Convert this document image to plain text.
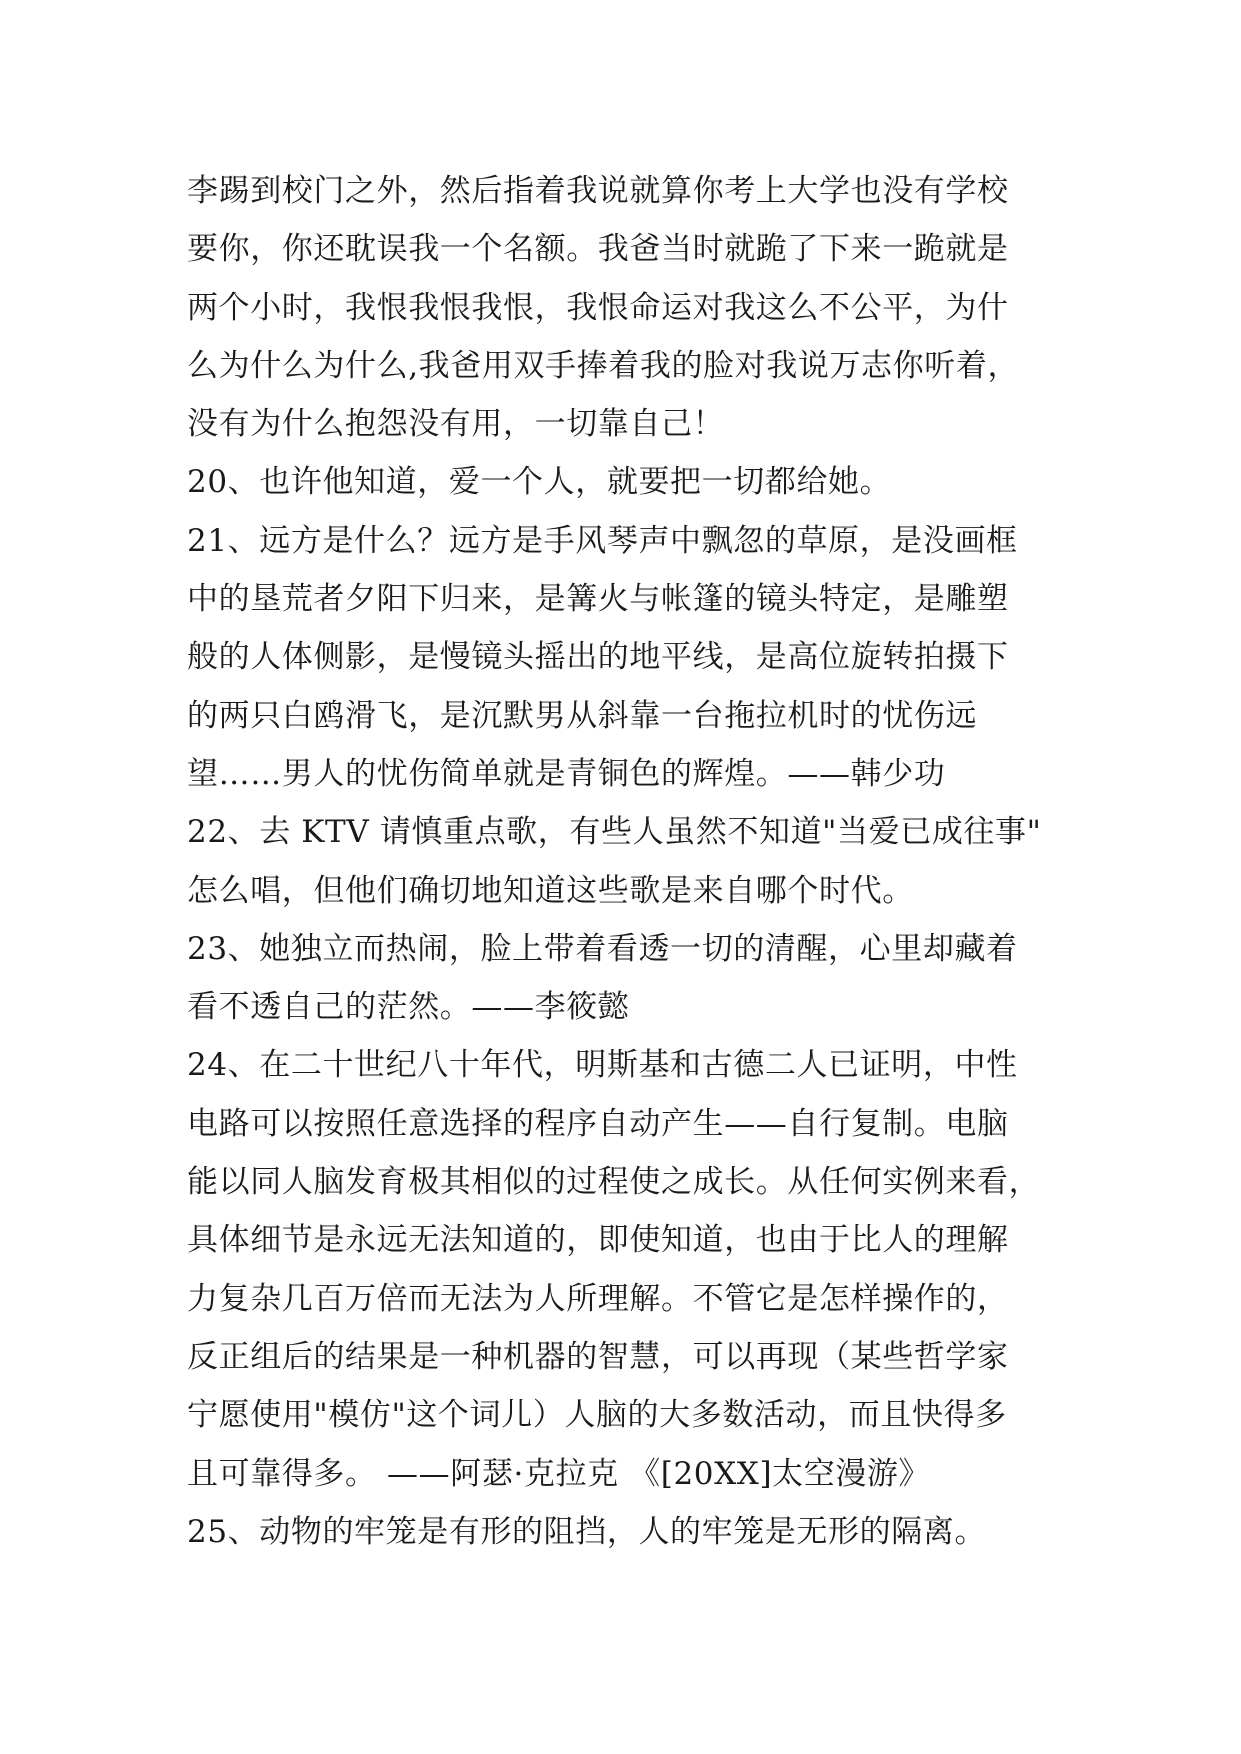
李踢到校门之外，然后指着我说就算你考上大学也没有学校
要你，你还耽误我一个名额。我爸当时就跪了下来一跪就是
两个小时，我恨我恨我恨，我恨命运对我这么不公平，为什
么为什么为什么,我爸用双手捧着我的脸对我说万志你听着，
没有为什么抱怨没有用，一切靠自己！
20、也许他知道，爱一个人，就要把一切都给她。
21、远方是什么？远方是手风琴声中飘忽的草原，是没画框
中的垦荒者夕阳下归来，是篝火与帐篷的镜头特定，是雕塑
般的人体侧影，是慢镜头摇出的地平线，是高位旋转拍摄下
的两只白鸥滑飞，是沉默男从斜靠一台拖拉机时的忧伤远
望……男人的忧伤简单就是青铜色的辉煌。——韩少功
22、去 KTV 请慎重点歌，有些人虽然不知道"当爱已成往事"
怎么唱，但他们确切地知道这些歌是来自哪个时代。
23、她独立而热闹，脸上带着看透一切的清醒，心里却藏着
看不透自己的茫然。——李筱懿
24、在二十世纪八十年代，明斯基和古德二人已证明，中性
电路可以按照任意选择的程序自动产生——自行复制。电脑
能以同人脑发育极其相似的过程使之成长。从任何实例来看，
具体细节是永远无法知道的，即使知道，也由于比人的理解
力复杂几百万倍而无法为人所理解。不管它是怎样操作的，
反正组后的结果是一种机器的智慧，可以再现（某些哲学家
宁愿使用"模仿"这个词儿）人脑的大多数活动，而且快得多
且可靠得多。 ——阿瑟·克拉克 《[20XX]太空漫游》
25、动物的牢笼是有形的阻挡，人的牢笼是无形的隔离。
